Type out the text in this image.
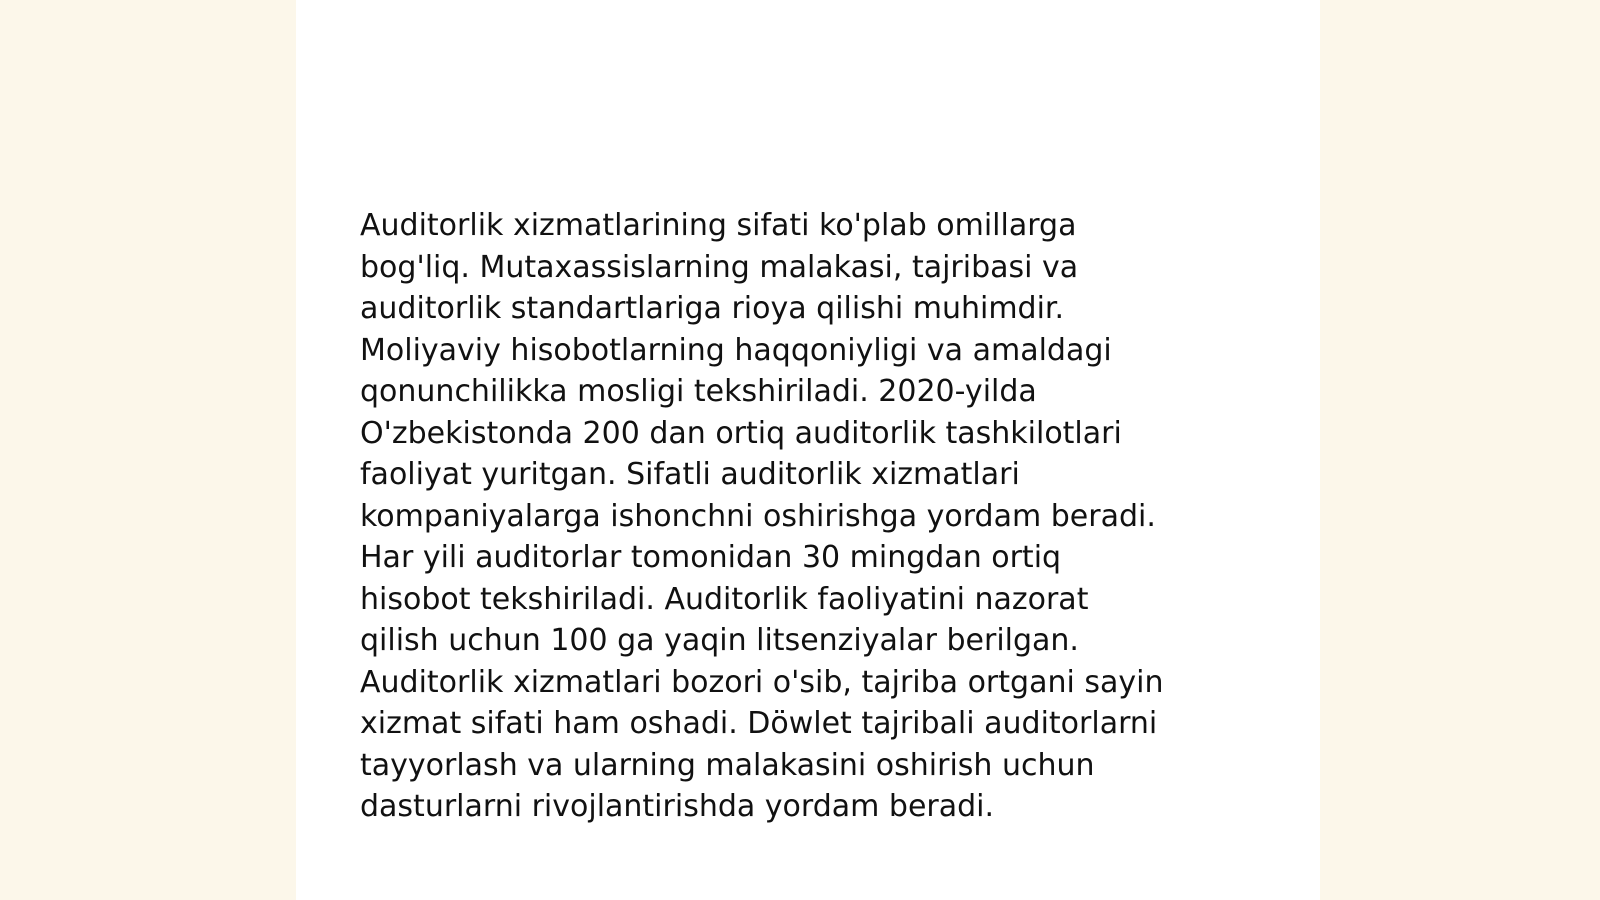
Auditorlik xizmatlarining sifati ko'plab omillarga
bog'liq. Mutaxassislarning malakasi, tajribasi va
auditorlik standartlariga rioya qilishi muhimdir.
Moliyaviy hisobotlarning haqqoniyligi va amaldagi
qonunchilikka mosligi tekshiriladi. 2020-yilda
O'zbekistonda 200 dan ortiq auditorlik tashkilotlari
faoliyat yuritgan. Sifatli auditorlik xizmatlari
kompaniyalarga ishonchni oshirishga yordam beradi.
Har yili auditorlar tomonidan 30 mingdan ortiq
hisobot tekshiriladi. Auditorlik faoliyatini nazorat
qilish uchun 100 ga yaqin litsenziyalar berilgan.
Auditorlik xizmatlari bozori o'sib, tajriba ortgani sayin
xizmat sifati ham oshadi. Döwlet tajribali auditorlarni
tayyorlash va ularning malakasini oshirish uchun
dasturlarni rivojlantirishda yordam beradi.
